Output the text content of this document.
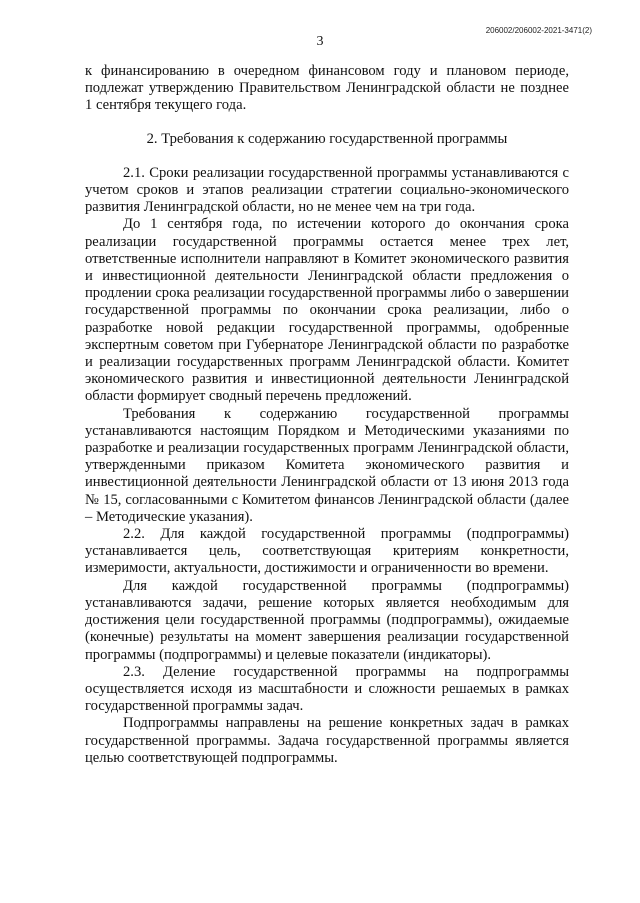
206002/206002-2021-3471(2)
3

к финансированию в очередном финансовом году и плановом периоде, подлежат утверждению Правительством Ленинградской области не позднее 1 сентября текущего года.

2. Требования к содержанию государственной программы

2.1. Сроки реализации государственной программы устанавливаются с учетом сроков и этапов реализации стратегии социально-экономического развития Ленинградской области, но не менее чем на три года.

До 1 сентября года, по истечении которого до окончания срока реализации государственной программы остается менее трех лет, ответственные исполнители направляют в Комитет экономического развития и инвестиционной деятельности Ленинградской области предложения о продлении срока реализации государственной программы либо о завершении государственной программы по окончании срока реализации, либо о разработке новой редакции государственной программы, одобренные экспертным советом при Губернаторе Ленинградской области по разработке и реализации государственных программ Ленинградской области. Комитет экономического развития и инвестиционной деятельности Ленинградской области формирует сводный перечень предложений.

Требования к содержанию государственной программы устанавливаются настоящим Порядком и Методическими указаниями по разработке и реализации государственных программ Ленинградской области, утвержденными приказом Комитета экономического развития и инвестиционной деятельности Ленинградской области от 13 июня 2013 года № 15, согласованными с Комитетом финансов Ленинградской области (далее – Методические указания).

2.2. Для каждой государственной программы (подпрограммы) устанавливается цель, соответствующая критериям конкретности, измеримости, актуальности, достижимости и ограниченности во времени.

Для каждой государственной программы (подпрограммы) устанавливаются задачи, решение которых является необходимым для достижения цели государственной программы (подпрограммы), ожидаемые (конечные) результаты на момент завершения реализации государственной программы (подпрограммы) и целевые показатели (индикаторы).

2.3. Деление государственной программы на подпрограммы осуществляется исходя из масштабности и сложности решаемых в рамках государственной программы задач.

Подпрограммы направлены на решение конкретных задач в рамках государственной программы. Задача государственной программы является целью соответствующей подпрограммы.
